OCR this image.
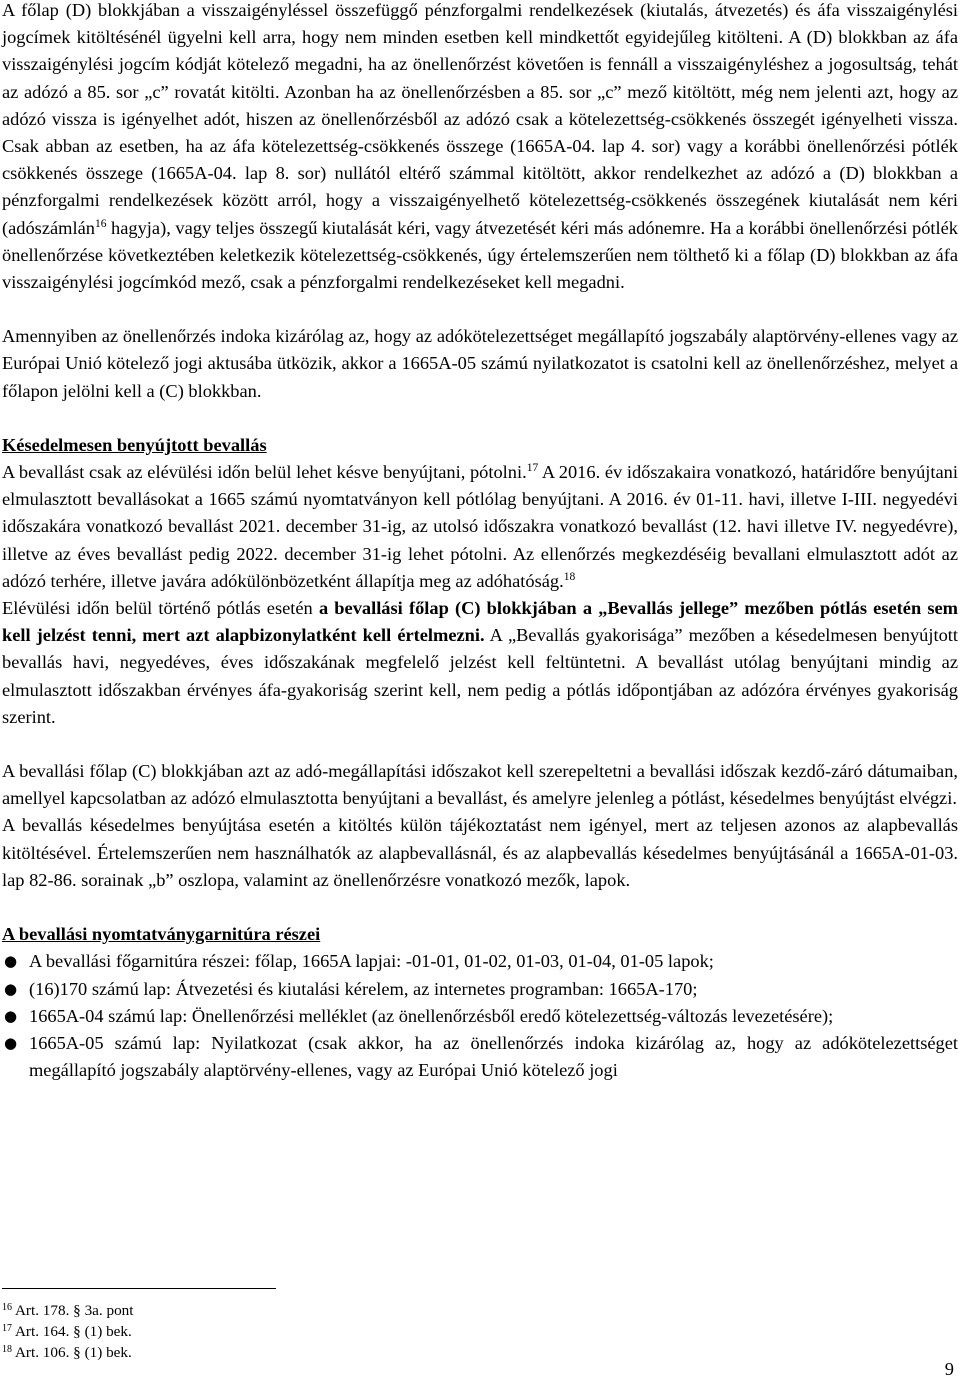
A főlap (D) blokkjában a visszaigényléssel összefüggő pénzforgalmi rendelkezések (kiutalás, átvezetés) és áfa visszaigénylési jogcímek kitöltésénél ügyelni kell arra, hogy nem minden esetben kell mindkettőt egyidejűleg kitölteni. A (D) blokkban az áfa visszaigénylési jogcím kódját kötelező megadni, ha az önellenőrzést követően is fennáll a visszaigényléshez a jogosultság, tehát az adózó a 85. sor „c” rovatát kitölti. Azonban ha az önellenőrzésben a 85. sor „c” mező kitöltött, még nem jelenti azt, hogy az adózó vissza is igényelhet adót, hiszen az önellenőrzésből az adózó csak a kötelezettség-csökkenés összegét igényelheti vissza. Csak abban az esetben, ha az áfa kötelezettség-csökkenés összege (1665A-04. lap 4. sor) vagy a korábbi önellenőrzési pótlék csökkenés összege (1665A-04. lap 8. sor) nullától eltérő számmal kitöltött, akkor rendelkezhet az adózó a (D) blokkban a pénzforgalmi rendelkezések között arról, hogy a visszaigényelhető kötelezettség-csökkenés összegének kiutalását nem kéri (adószámlán$^{16}$ hagyja), vagy teljes összegű kiutalását kéri, vagy átvezetését kéri más adónemre. Ha a korábbi önellenőrzési pótlék önellenőrzése következtében keletkezik kötelezettség-csökkenés, úgy értelemszerűen nem tölthető ki a főlap (D) blokkban az áfa visszaigénylési jogcímkód mező, csak a pénzforgalmi rendelkezéseket kell megadni.

Amennyiben az önellenőrzés indoka kizárólag az, hogy az adókötelezettséget megállapító jogszabály alaptörvény-ellenes vagy az Európai Unió kötelező jogi aktusába ütközik, akkor a 1665A-05 számú nyilatkozatot is csatolni kell az önellenőrzéshez, melyet a főlapon jelölni kell a (C) blokkban.

Késedelmesen benyújtott bevallás

A bevallást csak az elévülési időn belül lehet késve benyújtani, pótolni.$^{17}$ A 2016. év időszakaira vonatkozó, határidőre benyújtani elmulasztott bevallásokat a 1665 számú nyomtatványon kell pótlólag benyújtani. A 2016. év 01-11. havi, illetve I-III. negyedévi időszakára vonatkozó bevallást 2021. december 31-ig, az utolsó időszakra vonatkozó bevallást (12. havi illetve IV. negyedévre), illetve az éves bevallást pedig 2022. december 31-ig lehet pótolni. Az ellenőrzés megkezdéséig bevallani elmulasztott adót az adózó terhére, illetve javára adókülönbözetként állapítja meg az adóhatóság.$^{18}$

Elévülési időn belül történő pótlás esetén a bevallási főlap (C) blokkjában a „Bevallás jellege” mezőben pótlás esetén sem kell jelzést tenni, mert azt alapbizonylatként kell értelmezni. A „Bevallás gyakorisága” mezőben a késedelmesen benyújtott bevallás havi, negyedéves, éves időszakának megfelelő jelzést kell feltüntetni. A bevallást utólag benyújtani mindig az elmulasztott időszakban érvényes áfa-gyakoriság szerint kell, nem pedig a pótlás időpontjában az adózóra érvényes gyakoriság szerint.

A bevallási főlap (C) blokkjában azt az adó-megállapítási időszakot kell szerepeltetni a bevallási időszak kezdő-záró dátumaiban, amellyel kapcsolatban az adózó elmulasztotta benyújtani a bevallást, és amelyre jelenleg a pótlást, késedelmes benyújtást elvégzi.

A bevallás késedelmes benyújtása esetén a kitöltés külön tájékoztatást nem igényel, mert az teljesen azonos az alapbevallás kitöltésével. Értelemszerűen nem használhatók az alapbevallásnál, és az alapbevallás késedelmes benyújtásánál a 1665A-01-03. lap 82-86. sorainak „b” oszlopa, valamint az önellenőrzésre vonatkozó mezők, lapok.

A bevallási nyomtatványgarnitúra részei
● A bevallási főgarnitúra részei: főlap, 1665A lapjai: -01-01, 01-02, 01-03, 01-04, 01-05 lapok;
● (16)170 számú lap: Átvezetési és kiutalási kérelem, az internetes programban: 1665A-170;
● 1665A-04 számú lap: Önellenőrzési melléklet (az önellenőrzésből eredő kötelezettség-változás levezetésére);
● 1665A-05 számú lap: Nyilatkozat (csak akkor, ha az önellenőrzés indoka kizárólag az, hogy az adókötelezettséget megállapító jogszabály alaptörvény-ellenes, vagy az Európai Unió kötelező jogi
$^{16}$ Art. 178. § 3a. pont
$^{17}$ Art. 164. § (1) bek.
$^{18}$ Art. 106. § (1) bek.
9
